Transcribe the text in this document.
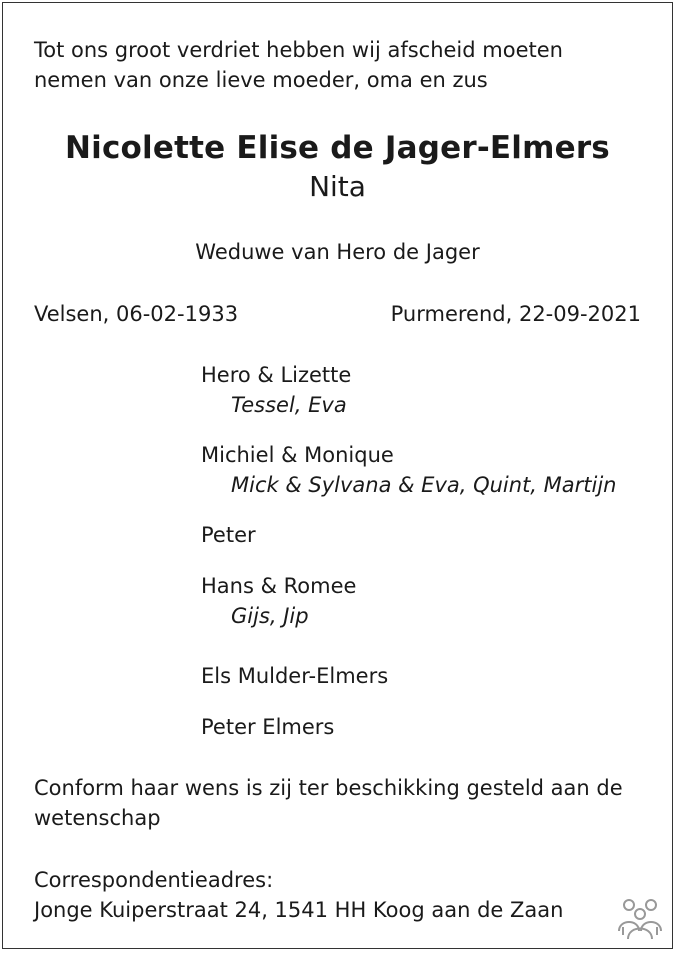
Tot ons groot verdriet hebben wij afscheid moeten
nemen van onze lieve moeder, oma en zus
Nicolette Elise de Jager-Elmers
Nita
Weduwe van Hero de Jager
Velsen, 06-02-1933	Purmerend, 22-09-2021
Hero & Lizette
Tessel, Eva
Michiel & Monique
Mick & Sylvana & Eva, Quint, Martijn
Peter
Hans & Romee
Gijs, Jip
Els Mulder-Elmers
Peter Elmers
Conform haar wens is zij ter beschikking gesteld aan de
wetenschap
Correspondentieadres:
Jonge Kuiperstraat 24, 1541 HH Koog aan de Zaan
